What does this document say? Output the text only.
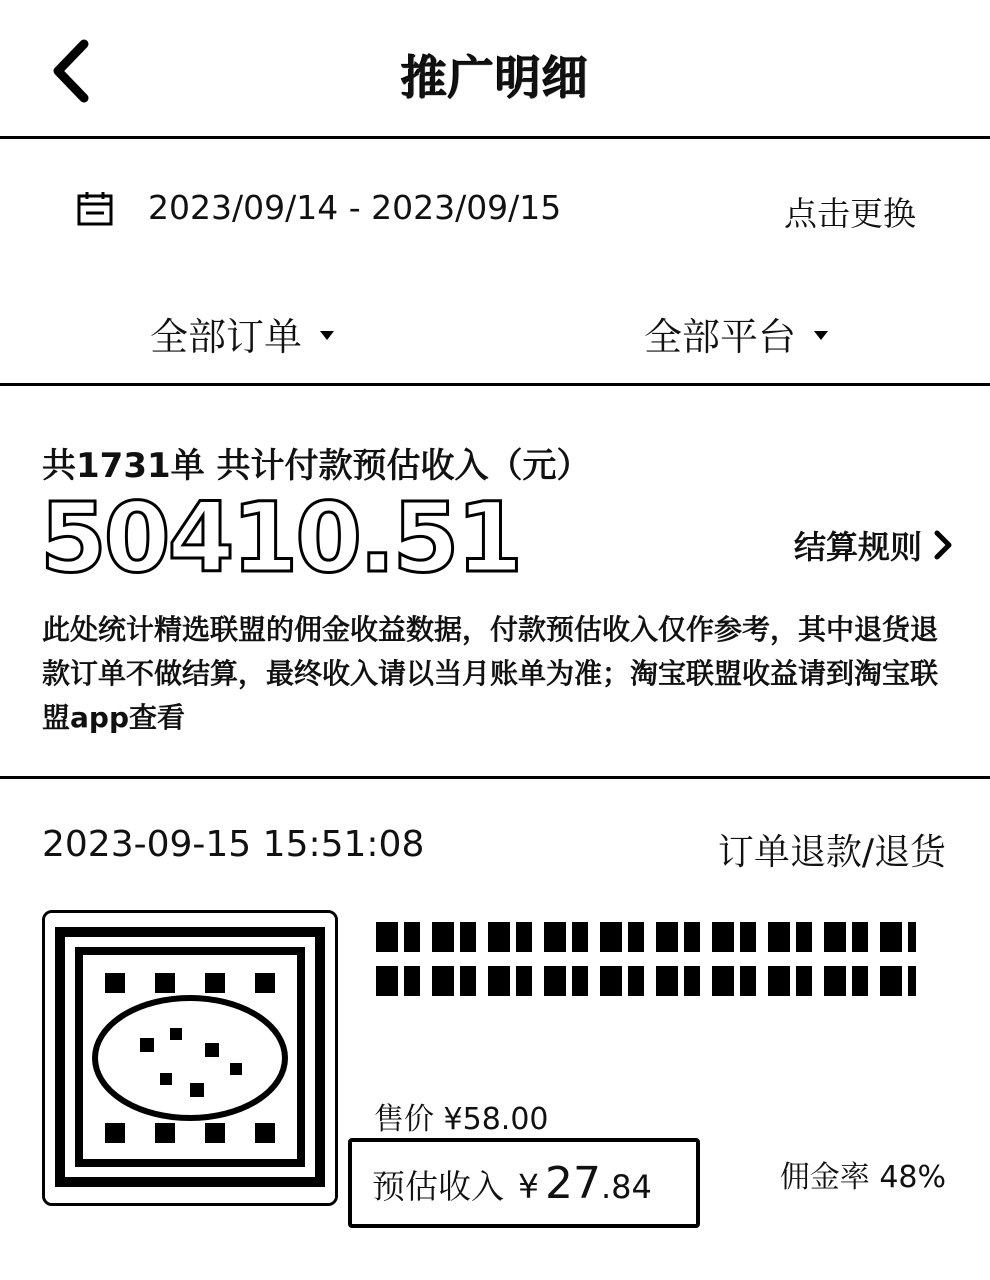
推广明细
2023/09/14 - 2023/09/15	点击更换
全部订单	全部平台
共1731单 共计付款预估收入（元）
50410.51	结算规则
此处统计精选联盟的佣金收益数据，付款预估收入仅作参考，其中退货退款订单不做结算，最终收入请以当月账单为准；淘宝联盟收益请到淘宝联盟app查看
2023-09-15 15:51:08	订单退款/退货
售价 ¥58.00
预估收入 ¥ 27 .84	佣金率 48%
